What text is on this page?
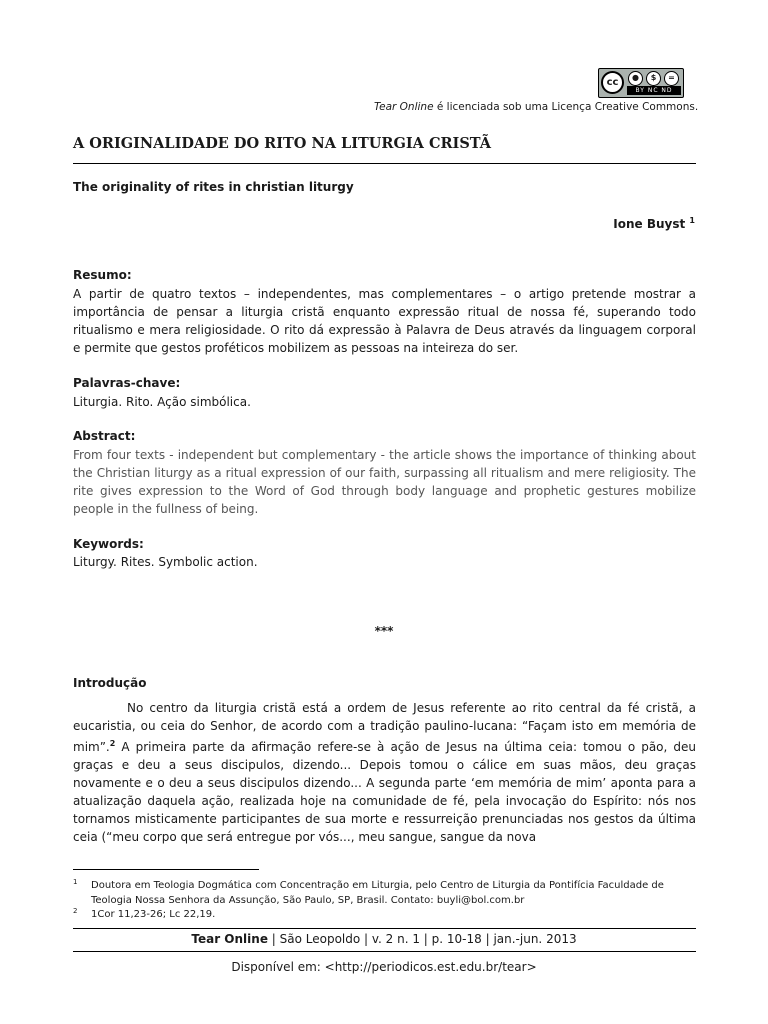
cc	●	$	=
BY NC ND
Tear Online é licenciada sob uma Licença Creative Commons.
A ORIGINALIDADE DO RITO NA LITURGIA CRISTÃ
The originality of rites in christian liturgy
Ione Buyst $^1$
Resumo:
A partir de quatro textos – independentes, mas complementares – o artigo pretende mostrar a importância de pensar a liturgia cristã enquanto expressão ritual de nossa fé, superando todo ritualismo e mera religiosidade. O rito dá expressão à Palavra de Deus através da linguagem corporal e permite que gestos proféticos mobilizem as pessoas na inteireza do ser.
Palavras-chave:
Liturgia. Rito. Ação simbólica.
Abstract:
From four texts - independent but complementary - the article shows the importance of thinking about the Christian liturgy as a ritual expression of our faith, surpassing all ritualism and mere religiosity. The rite gives expression to the Word of God through body language and prophetic gestures mobilize people in the fullness of being.
Keywords:
Liturgy. Rites. Symbolic action.
***
Introdução
No centro da liturgia cristã está a ordem de Jesus referente ao rito central da fé cristã, a eucaristia, ou ceia do Senhor, de acordo com a tradição paulino-lucana: “Façam isto em memória de mim”.$^2$ A primeira parte da afirmação refere-se à ação de Jesus na última ceia: tomou o pão, deu graças e deu a seus discipulos, dizendo... Depois tomou o cálice em suas mãos, deu graças novamente e o deu a seus discipulos dizendo... A segunda parte ‘em memória de mim’ aponta para a atualização daquela ação, realizada hoje na comunidade de fé, pela invocação do Espírito: nós nos tornamos misticamente participantes de sua morte e ressurreição prenunciadas nos gestos da última ceia (“meu corpo que será entregue por vós..., meu sangue, sangue da nova
1 Doutora em Teologia Dogmática com Concentração em Liturgia, pelo Centro de Liturgia da Pontifícia Faculdade de Teologia Nossa Senhora da Assunção, São Paulo, SP, Brasil. Contato: buyli@bol.com.br
2 1Cor 11,23-26; Lc 22,19.
Tear Online | São Leopoldo | v. 2 n. 1 | p. 10-18 | jan.-jun. 2013
Disponível em: <http://periodicos.est.edu.br/tear>
